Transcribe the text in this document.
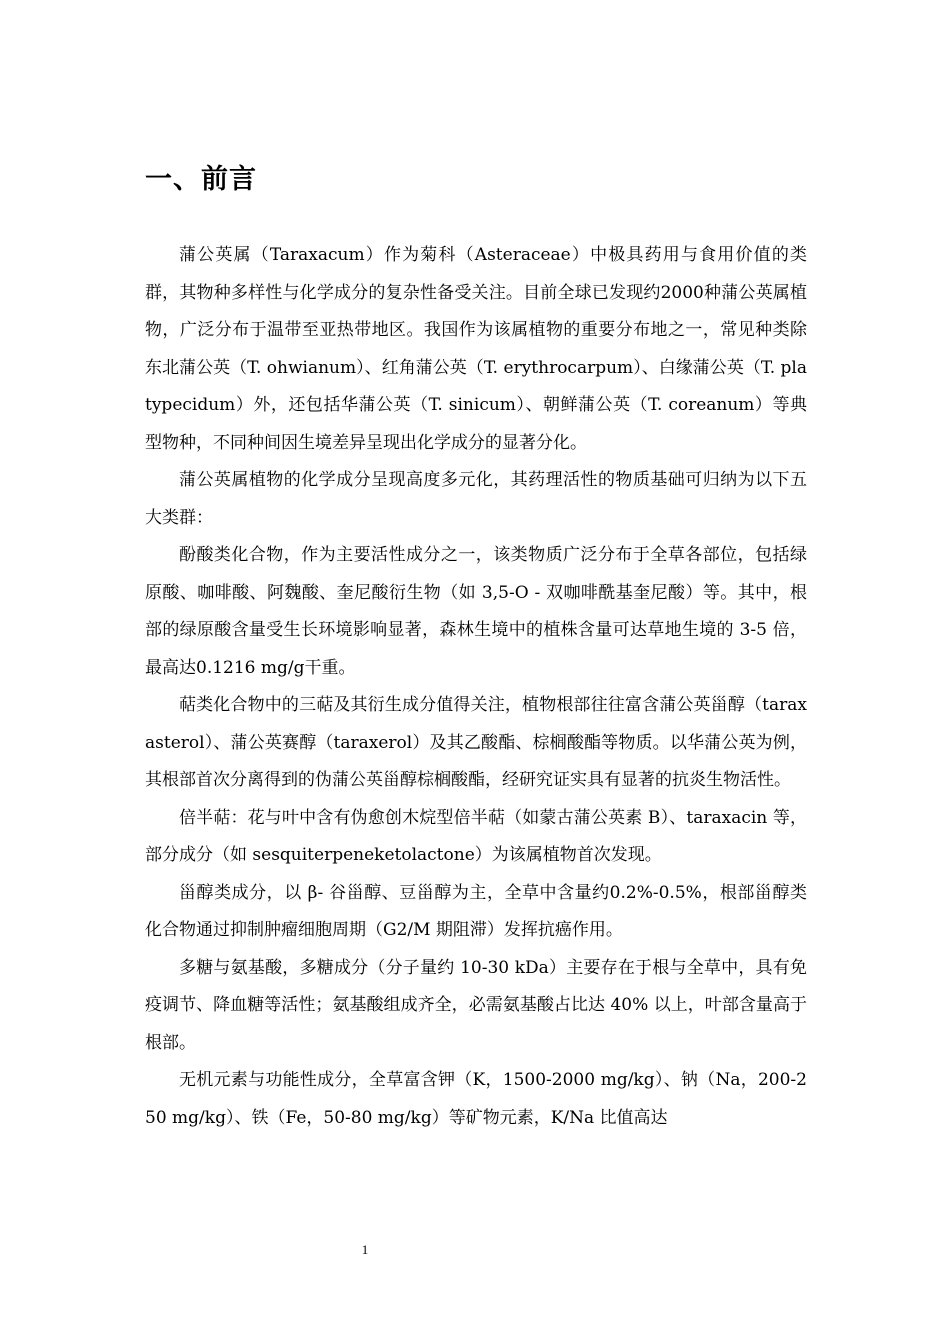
一、前言

蒲公英属（Taraxacum）作为菊科（Asteraceae）中极具药用与食用价值的类群，其物种多样性与化学成分的复杂性备受关注。目前全球已发现约2000种蒲公英属植物，广泛分布于温带至亚热带地区。我国作为该属植物的重要分布地之一，常见种类除东北蒲公英（T. ohwianum）、红角蒲公英（T. erythrocarpum）、白缘蒲公英（T. platypecidum）外，还包括华蒲公英（T. sinicum）、朝鲜蒲公英（T. coreanum）等典型物种，不同种间因生境差异呈现出化学成分的显著分化。

蒲公英属植物的化学成分呈现高度多元化，其药理活性的物质基础可归纳为以下五大类群：

酚酸类化合物，作为主要活性成分之一，该类物质广泛分布于全草各部位，包括绿原酸、咖啡酸、阿魏酸、奎尼酸衍生物（如 3,5-O - 双咖啡酰基奎尼酸）等。其中，根部的绿原酸含量受生长环境影响显著，森林生境中的植株含量可达草地生境的 3-5 倍，最高达0.1216 mg/g干重。

萜类化合物中的三萜及其衍生成分值得关注，植物根部往往富含蒲公英甾醇（taraxasterol）、蒲公英赛醇（taraxerol）及其乙酸酯、棕榈酸酯等物质。以华蒲公英为例，其根部首次分离得到的伪蒲公英甾醇棕榈酸酯，经研究证实具有显著的抗炎生物活性。

倍半萜：花与叶中含有伪愈创木烷型倍半萜（如蒙古蒲公英素 B）、taraxacin 等，部分成分（如 sesquiterpeneketolactone）为该属植物首次发现。

甾醇类成分，以 β- 谷甾醇、豆甾醇为主，全草中含量约0.2%-0.5%，根部甾醇类化合物通过抑制肿瘤细胞周期（G2/M 期阻滞）发挥抗癌作用。

多糖与氨基酸，多糖成分（分子量约 10-30 kDa）主要存在于根与全草中，具有免疫调节、降血糖等活性；氨基酸组成齐全，必需氨基酸占比达 40% 以上，叶部含量高于根部。

无机元素与功能性成分，全草富含钾（K，1500-2000 mg/kg）、钠（Na，200-250 mg/kg）、铁（Fe，50-80 mg/kg）等矿物元素，K/Na 比值高达

1
